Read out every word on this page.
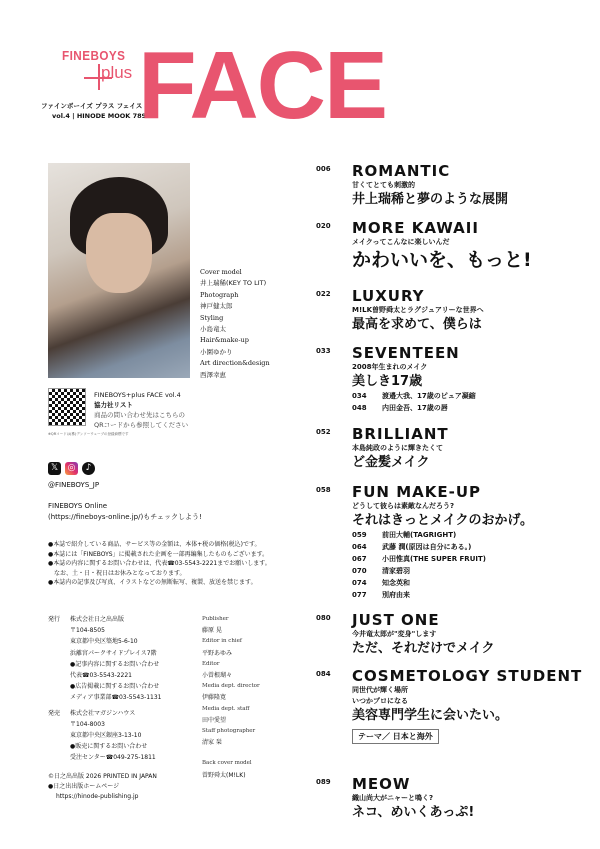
FINEBOYS
plus
ファインボーイズ プラス フェイス
vol.4 | HINODE MOOK 789
FACE
Cover model
井上瑞稀(KEY TO LIT)
Photograph
神戸健太郎
Styling
小島竜太
Hair&make-up
小園ゆかり
Art direction&design
西澤幸恵
FINEBOYS+plus FACE vol.4
協力社リスト
商品の問い合わせ先はこちらの
QRコードから参照してください
※QRコードは(株)デンソーウェーブの登録商標です
𝕏	◎	♪
@FINEBOYS_JP
FINEBOYS Online
(https://fineboys-online.jp/)もチェックしよう!
●本誌で紹介している商品、サービス等の金額は、本体+税の価格(税込)です。
●本誌には「FINEBOYS」に掲載された企画を一部再編集したものもございます。
●本誌の内容に関するお問い合わせは、代表☎03-5543-2221までお願いします。
　なお、土・日・祝日はお休みとなっております。
●本誌内の記事及び写真、イラストなどの無断転写、複製、放送を禁じます。
発行 株式会社日之出出版
〒104-8505
東京都中央区築地5-6-10
浜離宮パークサイドプレイス7階
●記事内容に関するお問い合わせ
代表☎03-5543-2221
●広告掲載に関するお問い合わせ
メディア事業部☎03-5543-1131
発売 株式会社マガジンハウス
〒104-8003
東京都中央区銀座3-13-10
●販売に関するお問い合わせ
受注センター☎049-275-1811
Publisher
藤原 晃
Editor in chief
平野あゆみ
Editor
小曽根瑚々
Media dept. director
伊藤隆寛
Media dept. staff
田中愛望
Staff photographer
清家 栞
Back cover model
曽野舜太(M!LK)
©日之出出版 2026 PRINTED IN JAPAN
●日之出出版ホームページ
https://hinode-publishing.jp
006 ROMANTIC
甘くてとても刺激的
井上瑞稀と夢のような展開
020 MORE KAWAII
メイクってこんなに楽しいんだ
かわいいを、もっと!
022 LUXURY
M!LK曽野舜太とラグジュアリーな世界へ
最高を求めて、僕らは
033 SEVENTEEN
2008年生まれのメイク
美しき17歳
034 渡邉大我、17歳のピュア凝縮
048 内田金吾、17歳の唇
052 BRILLIANT
本島純政のように輝きたくて
ど金髪メイク
058 FUN MAKE-UP
どうして彼らは素敵なんだろう?
それはきっとメイクのおかげ。
059 前田大輔(TAGRIGHT)
064 武藤 潤(原因は自分にある。)
067 小田惟真(THE SUPER FRUIT)
070 清家碧羽
074 知念英和
077 別府由来
080 JUST ONE
今井竜太郎が"変身"します
ただ、それだけでメイク
084 COSMETOLOGY STUDENT
同世代が輝く場所
いつかプロになる
美容専門学生に会いたい。
テーマ／ 日本と海外
089 MEOW
織山尚大がニャーと鳴く?
ネコ、めいくあっぷ!
